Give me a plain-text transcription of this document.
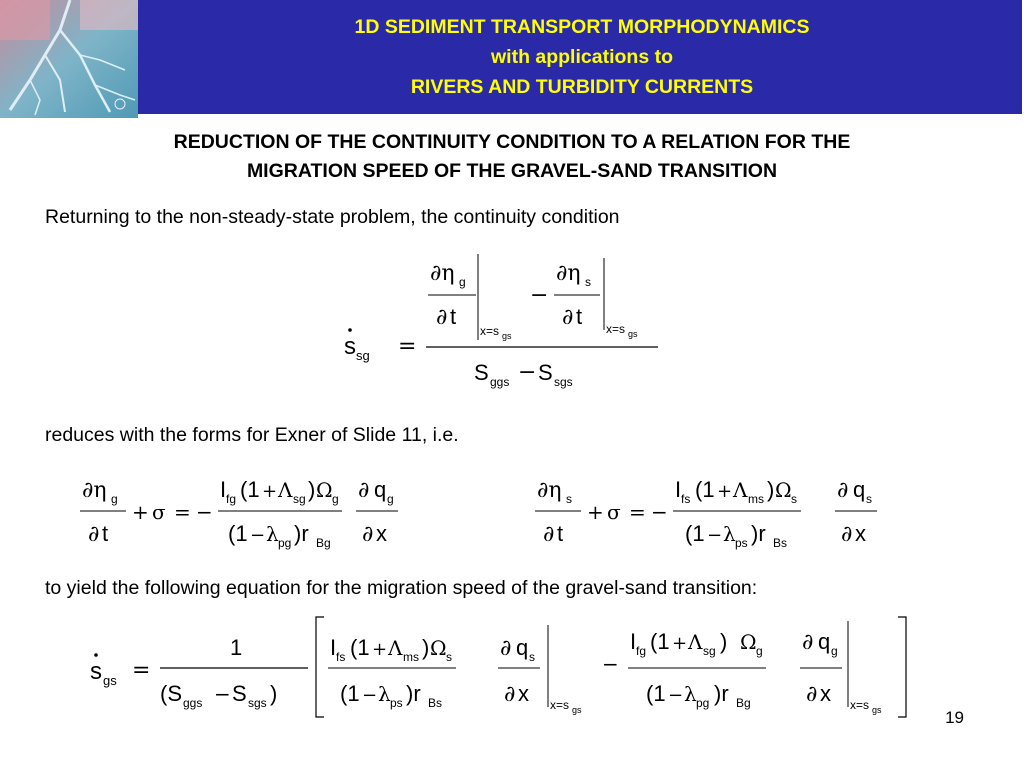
1D SEDIMENT TRANSPORT MORPHODYNAMICS
with applications to
RIVERS AND TURBIDITY CURRENTS
REDUCTION OF THE CONTINUITY CONDITION TO A RELATION FOR THE
MIGRATION SPEED OF THE GRAVEL-SAND TRANSITION
Returning to the non-steady-state problem, the continuity condition
s sg =
∂η g
∂ t
x=s gs
−
∂η s
∂ t x=s gs
S ggs − S sgs
reduces with the forms for Exner of Slide 11, i.e.
∂η g
∂ t
+ σ = −
I fg (1 + Λ sg ) Ω g
(1 − λ pg )r Bg
∂ q g
∂ x
∂η s
∂ t
+ σ = −
I fs (1 + Λ ms ) Ω s
(1 − λ ps )r Bs
∂ q s
∂ x
to yield the following equation for the migration speed of the gravel-sand transition:
s gs =
1
(S ggs − S sgs )
I fs (1 + Λ ms ) Ω s
(1 − λ ps )r Bs
∂ q s
∂ x x=s gs
−
I fg (1 + Λ sg ) Ω g
(1 − λ pg )r Bg
∂ q g
∂ x x=s gs	19
